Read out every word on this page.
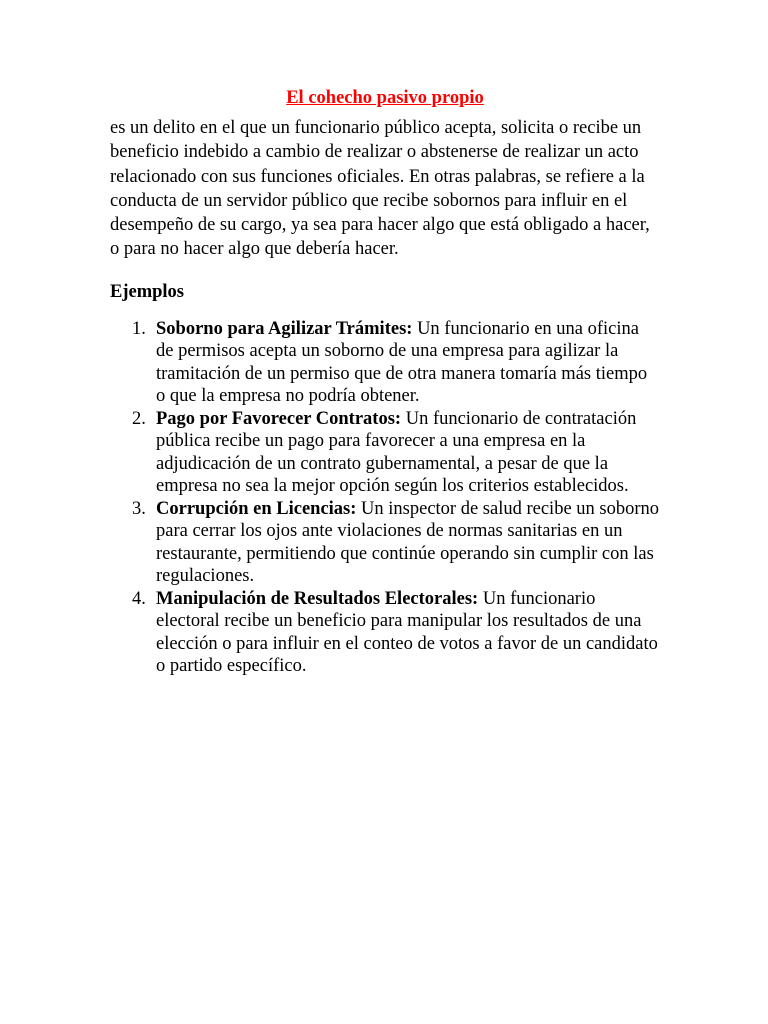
El cohecho pasivo propio

es un delito en el que un funcionario público acepta, solicita o recibe un beneficio indebido a cambio de realizar o abstenerse de realizar un acto relacionado con sus funciones oficiales. En otras palabras, se refiere a la conducta de un servidor público que recibe sobornos para influir en el desempeño de su cargo, ya sea para hacer algo que está obligado a hacer, o para no hacer algo que debería hacer.

Ejemplos
1. Soborno para Agilizar Trámites: Un funcionario en una oficina de permisos acepta un soborno de una empresa para agilizar la tramitación de un permiso que de otra manera tomaría más tiempo o que la empresa no podría obtener.
2. Pago por Favorecer Contratos: Un funcionario de contratación pública recibe un pago para favorecer a una empresa en la adjudicación de un contrato gubernamental, a pesar de que la empresa no sea la mejor opción según los criterios establecidos.
3. Corrupción en Licencias: Un inspector de salud recibe un soborno para cerrar los ojos ante violaciones de normas sanitarias en un restaurante, permitiendo que continúe operando sin cumplir con las regulaciones.
4. Manipulación de Resultados Electorales: Un funcionario electoral recibe un beneficio para manipular los resultados de una elección o para influir en el conteo de votos a favor de un candidato o partido específico.
